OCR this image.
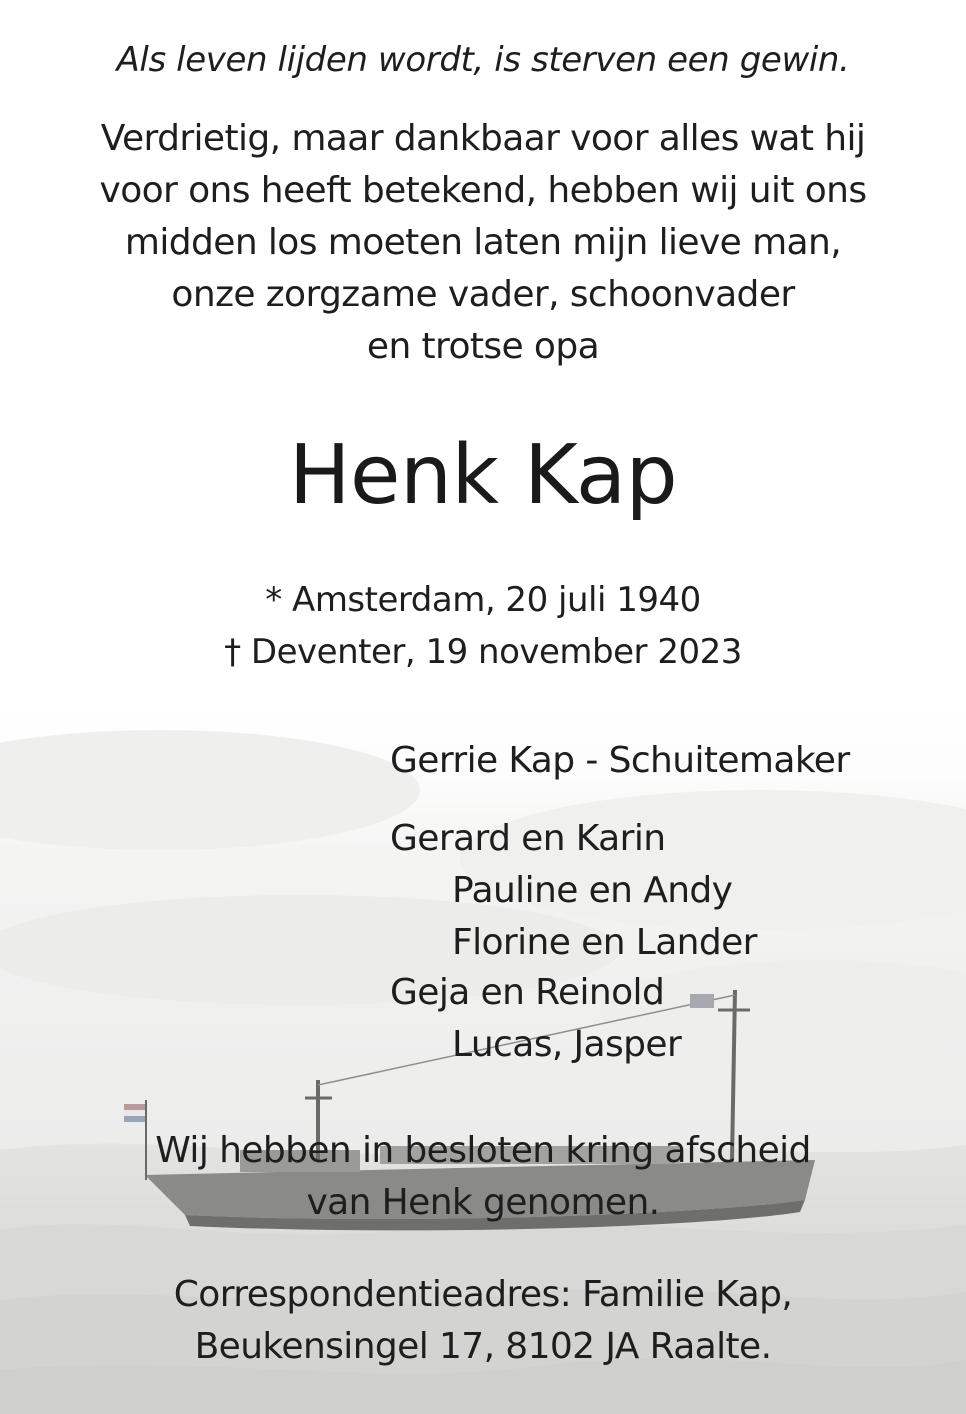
Als leven lijden wordt, is sterven een gewin.
Verdrietig, maar dankbaar voor alles wat hij
voor ons heeft betekend, hebben wij uit ons
midden los moeten laten mijn lieve man,
onze zorgzame vader, schoonvader
en trotse opa
Henk Kap
* Amsterdam, 20 juli 1940
† Deventer, 19 november 2023
Gerrie Kap - Schuitemaker
Gerard en Karin
Pauline en Andy
Florine en Lander
Geja en Reinold
Lucas, Jasper
Wij hebben in besloten kring afscheid
van Henk genomen.
Correspondentieadres: Familie Kap,
Beukensingel 17, 8102 JA Raalte.
